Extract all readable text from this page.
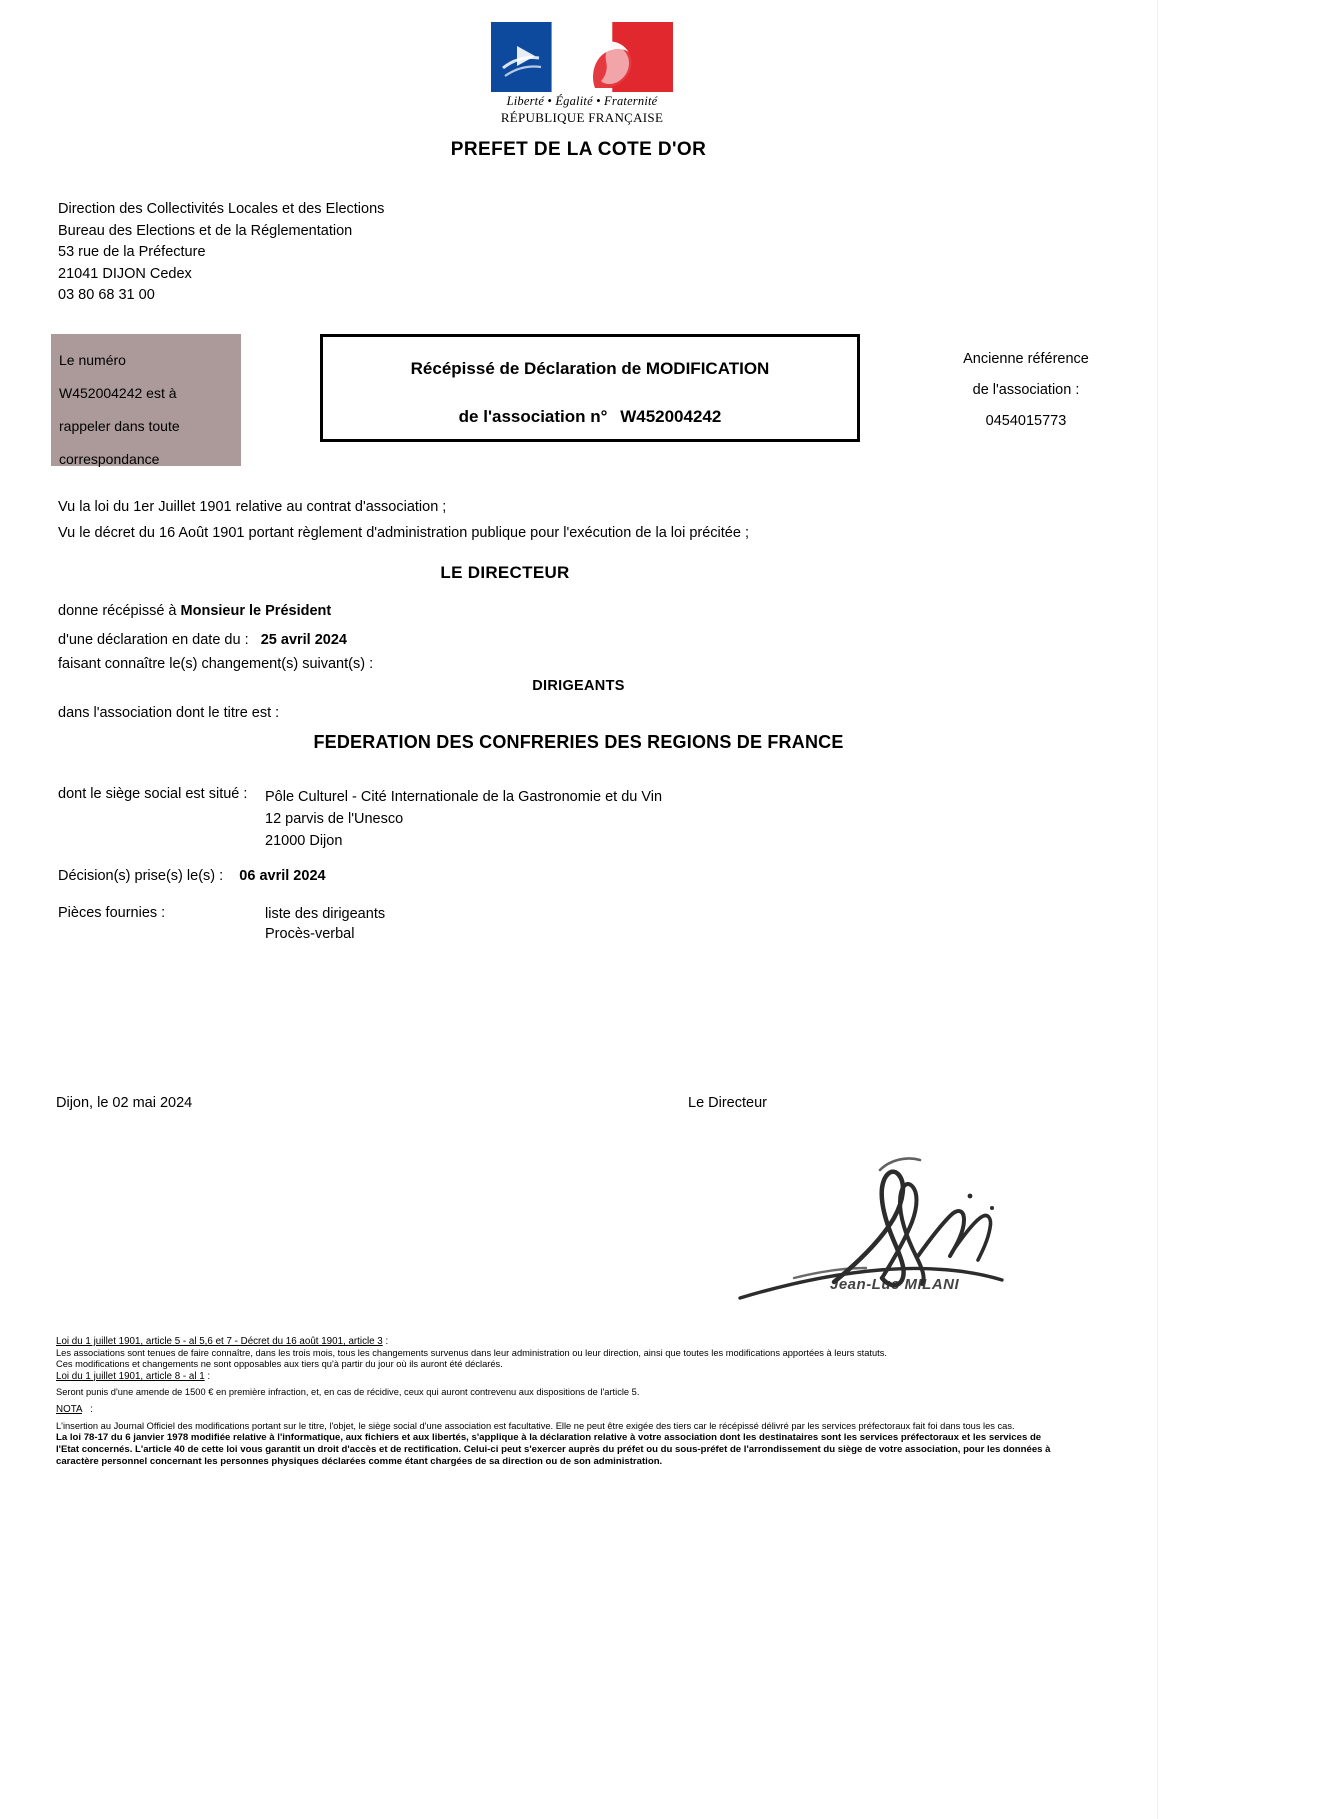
Liberté • Égalité • Fraternité
RÉPUBLIQUE FRANÇAISE
PREFET DE LA COTE D'OR
Direction des Collectivités Locales et des Elections
Bureau des Elections et de la Réglementation
53 rue de la Préfecture
21041 DIJON Cedex
03 80 68 31 00
Le numéro
W452004242 est à
rappeler dans toute
correspondance
Récépissé de Déclaration de MODIFICATION
de l'association n° W452004242
Ancienne référence
de l'association :
0454015773
Vu la loi du 1er Juillet 1901 relative au contrat d'association ;
Vu le décret du 16 Août 1901 portant règlement d'administration publique pour l'exécution de la loi précitée ;
LE DIRECTEUR
donne récépissé à Monsieur le Président
d'une déclaration en date du : 25 avril 2024
faisant connaître le(s) changement(s) suivant(s) :
DIRIGEANTS
dans l'association dont le titre est :
FEDERATION DES CONFRERIES DES REGIONS DE FRANCE
dont le siège social est situé : Pôle Culturel - Cité Internationale de la Gastronomie et du Vin
12 parvis de l'Unesco
21000 Dijon
Décision(s) prise(s) le(s) : 06 avril 2024
Pièces fournies :	liste des dirigeants
Procès-verbal
Dijon, le 02 mai 2024	Le Directeur
Jean-Luc MILANI

Loi du 1 juillet 1901, article 5 - al 5,6 et 7 - Décret du 16 août 1901, article 3 :

Les associations sont tenues de faire connaître, dans les trois mois, tous les changements survenus dans leur administration ou leur direction, ainsi que toutes les modifications apportées à leurs statuts.

Ces modifications et changements ne sont opposables aux tiers qu'à partir du jour où ils auront été déclarés.

Loi du 1 juillet 1901, article 8 - al 1 :

Seront punis d'une amende de 1500 € en première infraction, et, en cas de récidive, ceux qui auront contrevenu aux dispositions de l'article 5.

NOTA :

L'insertion au Journal Officiel des modifications portant sur le titre, l'objet, le siège social d'une association est facultative. Elle ne peut être exigée des tiers car le récépissé délivré par les services préfectoraux fait foi dans tous les cas.

La loi 78-17 du 6 janvier 1978 modifiée relative à l'informatique, aux fichiers et aux libertés, s'applique à la déclaration relative à votre association dont les destinataires sont les services préfectoraux et les services de l'Etat concernés. L'article 40 de cette loi vous garantit un droit d'accès et de rectification. Celui-ci peut s'exercer auprès du préfet ou du sous-préfet de l'arrondissement du siège de votre association, pour les données à caractère personnel concernant les personnes physiques déclarées comme étant chargées de sa direction ou de son administration.
